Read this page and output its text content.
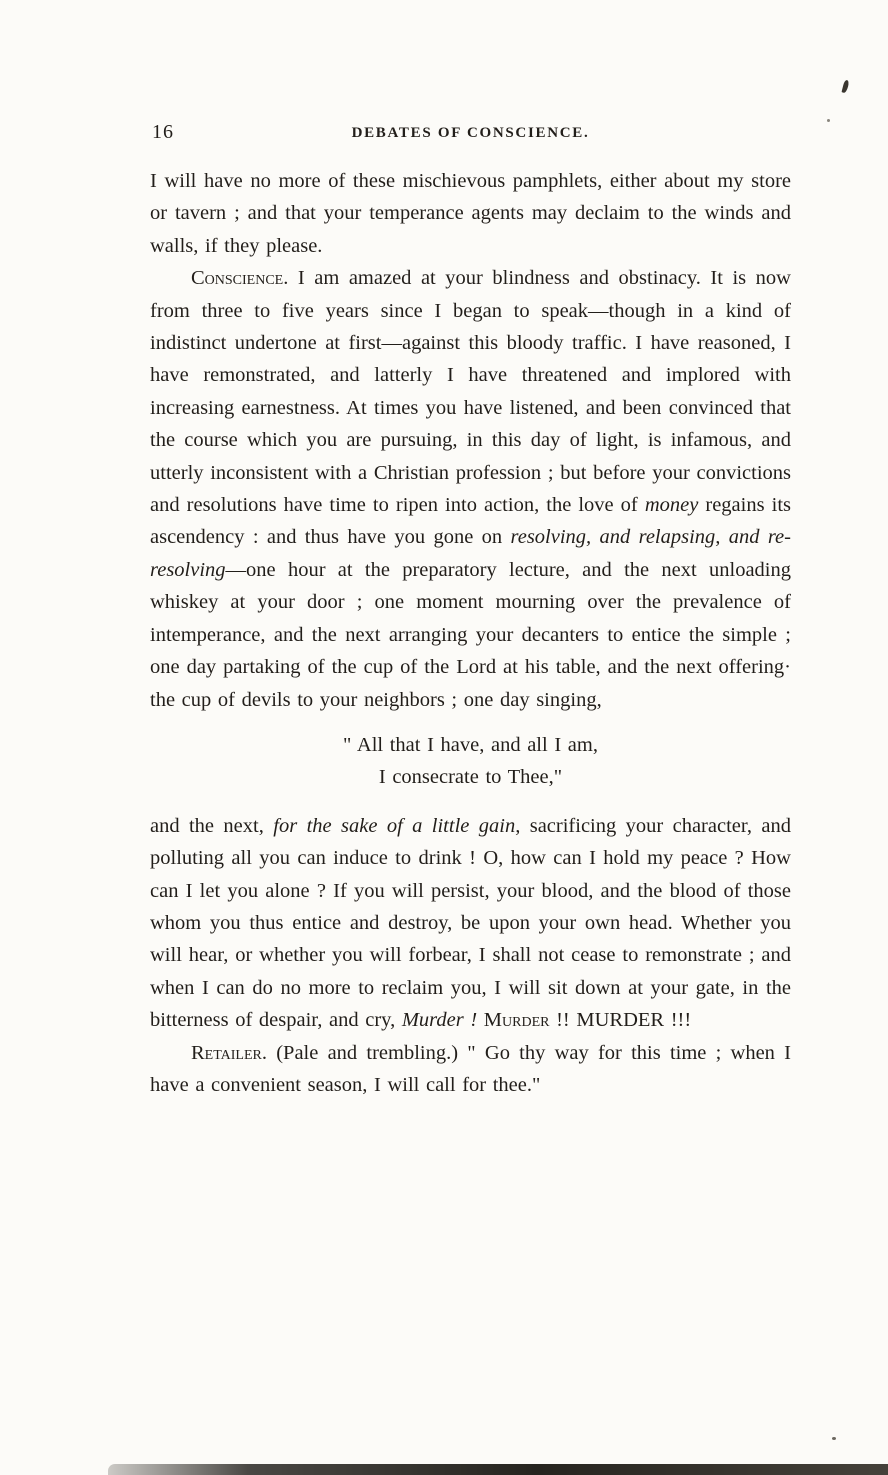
16	DEBATES OF CONSCIENCE.

I will have no more of these mischievous pamphlets, either about my store or tavern ; and that your temperance agents may declaim to the winds and walls, if they please.

Conscience. I am amazed at your blindness and obstinacy. It is now from three to five years since I began to speak—though in a kind of indistinct undertone at first—against this bloody traffic. I have reasoned, I have remonstrated, and latterly I have threatened and implored with increasing earnestness. At times you have listened, and been convinced that the course which you are pursuing, in this day of light, is infamous, and utterly inconsistent with a Christian profession ; but before your convictions and resolutions have time to ripen into action, the love of money regains its ascendency : and thus have you gone on resolving, and relapsing, and re-resolving—one hour at the preparatory lecture, and the next unloading whiskey at your door ; one moment mourning over the prevalence of intemperance, and the next arranging your decanters to entice the simple ; one day partaking of the cup of the Lord at his table, and the next offering· the cup of devils to your neighbors ; one day singing,

" All that I have, and all I am,
I consecrate to Thee,"

and the next, for the sake of a little gain, sacrificing your character, and polluting all you can induce to drink ! O, how can I hold my peace ? How can I let you alone ? If you will persist, your blood, and the blood of those whom you thus entice and destroy, be upon your own head. Whether you will hear, or whether you will forbear, I shall not cease to remonstrate ; and when I can do no more to reclaim you, I will sit down at your gate, in the bitterness of despair, and cry, Murder ! Murder !! MURDER !!!

Retailer. (Pale and trembling.) " Go thy way for this time ; when I have a convenient season, I will call for thee."
